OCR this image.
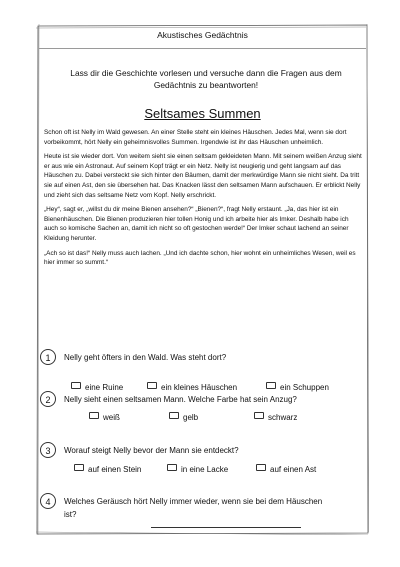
Akustisches Gedächtnis
Lass dir die Geschichte vorlesen und versuche dann die Fragen aus dem Gedächtnis zu beantworten!
Seltsames Summen

Schon oft ist Nelly im Wald gewesen. An einer Stelle steht ein kleines Häuschen. Jedes Mal, wenn sie dort vorbeikommt, hört Nelly ein geheimnisvolles Summen. Irgendwie ist ihr das Häuschen unheimlich.

Heute ist sie wieder dort. Von weitem sieht sie einen seltsam gekleideten Mann. Mit seinem weißen Anzug sieht er aus wie ein Astronaut. Auf seinem Kopf trägt er ein Netz. Nelly ist neugierig und geht langsam auf das Häuschen zu. Dabei versteckt sie sich hinter den Bäumen, damit der merkwürdige Mann sie nicht sieht. Da tritt sie auf einen Ast, den sie übersehen hat. Das Knacken lässt den seltsamen Mann aufschauen. Er erblickt Nelly und zieht sich das seltsame Netz vom Kopf. Nelly erschrickt.

„Hey“, sagt er, „willst du dir meine Bienen ansehen?“ „Bienen?“, fragt Nelly erstaunt. „Ja, das hier ist ein Bienenhäuschen. Die Bienen produzieren hier tollen Honig und ich arbeite hier als Imker. Deshalb habe ich auch so komische Sachen an, damit ich nicht so oft gestochen werde!“ Der Imker schaut lachend an seiner Kleidung herunter.

„Ach so ist das!“ Nelly muss auch lachen. „Und ich dachte schon, hier wohnt ein unheimliches Wesen, weil es hier immer so summt.“

1	Nelly geht öfters in den Wald. Was steht dort?
eine Ruine	ein kleines Häuschen	ein Schuppen
2	Nelly sieht einen seltsamen Mann. Welche Farbe hat sein Anzug?
weiß	gelb	schwarz
3	Worauf steigt Nelly bevor der Mann sie entdeckt?
auf einen Stein	in eine Lacke	auf einen Ast
4	Welches Geräusch hört Nelly immer wieder, wenn sie bei dem Häuschen ist?
